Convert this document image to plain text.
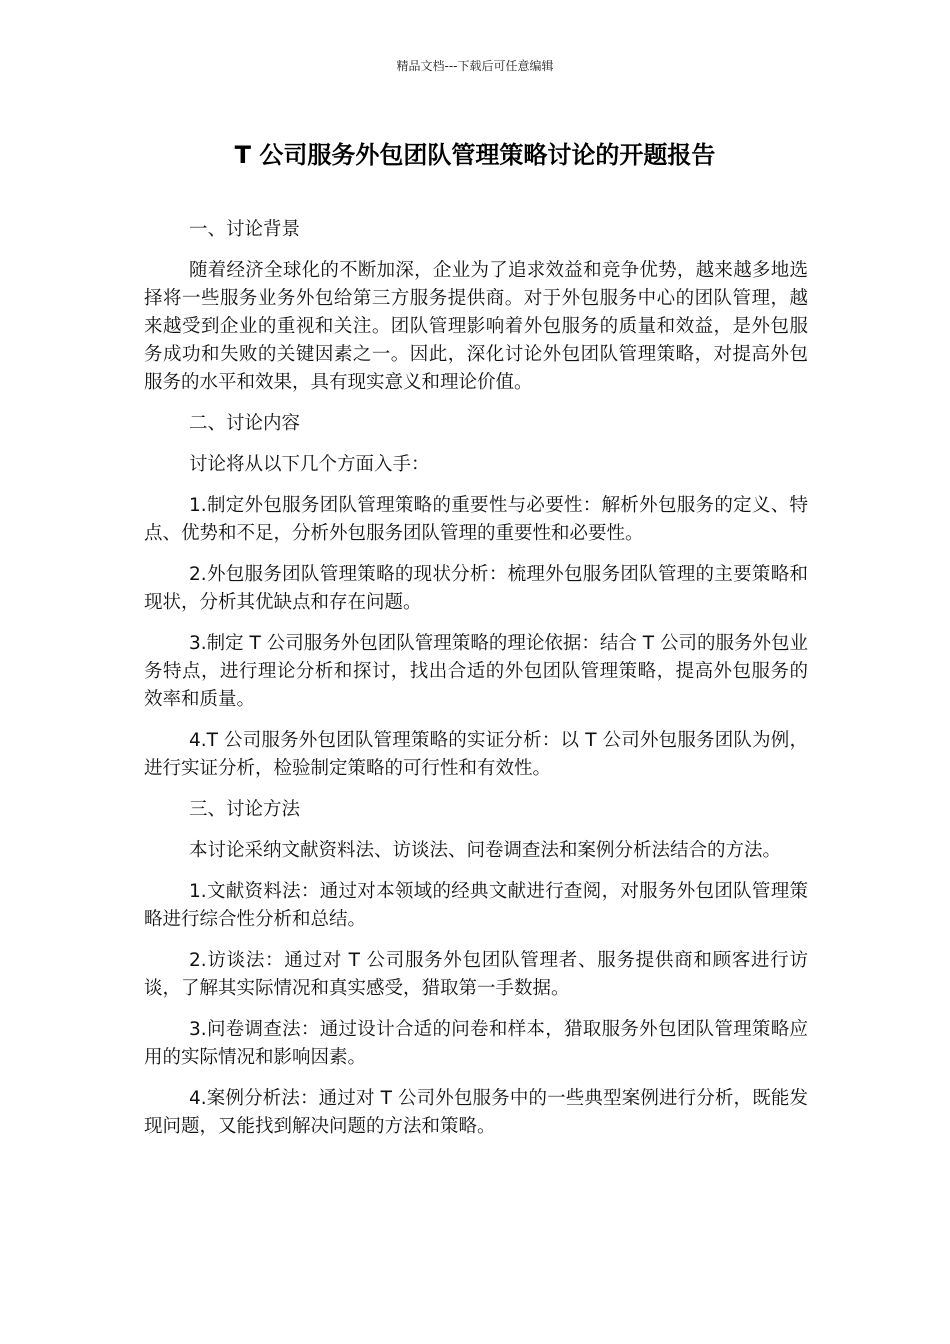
精品文档---下载后可任意编辑
T 公司服务外包团队管理策略讨论的开题报告

一、讨论背景

随着经济全球化的不断加深，企业为了追求效益和竞争优势，越来越多地选择将一些服务业务外包给第三方服务提供商。对于外包服务中心的团队管理，越来越受到企业的重视和关注。团队管理影响着外包服务的质量和效益，是外包服务成功和失败的关键因素之一。因此，深化讨论外包团队管理策略，对提高外包服务的水平和效果，具有现实意义和理论价值。

二、讨论内容

讨论将从以下几个方面入手：

1.制定外包服务团队管理策略的重要性与必要性：解析外包服务的定义、特点、优势和不足，分析外包服务团队管理的重要性和必要性。

2.外包服务团队管理策略的现状分析：梳理外包服务团队管理的主要策略和现状，分析其优缺点和存在问题。

3.制定 T 公司服务外包团队管理策略的理论依据：结合 T 公司的服务外包业务特点，进行理论分析和探讨，找出合适的外包团队管理策略，提高外包服务的效率和质量。

4.T 公司服务外包团队管理策略的实证分析：以 T 公司外包服务团队为例，进行实证分析，检验制定策略的可行性和有效性。

三、讨论方法

本讨论采纳文献资料法、访谈法、问卷调查法和案例分析法结合的方法。

1.文献资料法：通过对本领域的经典文献进行查阅，对服务外包团队管理策略进行综合性分析和总结。

2.访谈法：通过对 T 公司服务外包团队管理者、服务提供商和顾客进行访谈，了解其实际情况和真实感受，猎取第一手数据。

3.问卷调查法：通过设计合适的问卷和样本，猎取服务外包团队管理策略应用的实际情况和影响因素。

4.案例分析法：通过对 T 公司外包服务中的一些典型案例进行分析，既能发现问题，又能找到解决问题的方法和策略。
